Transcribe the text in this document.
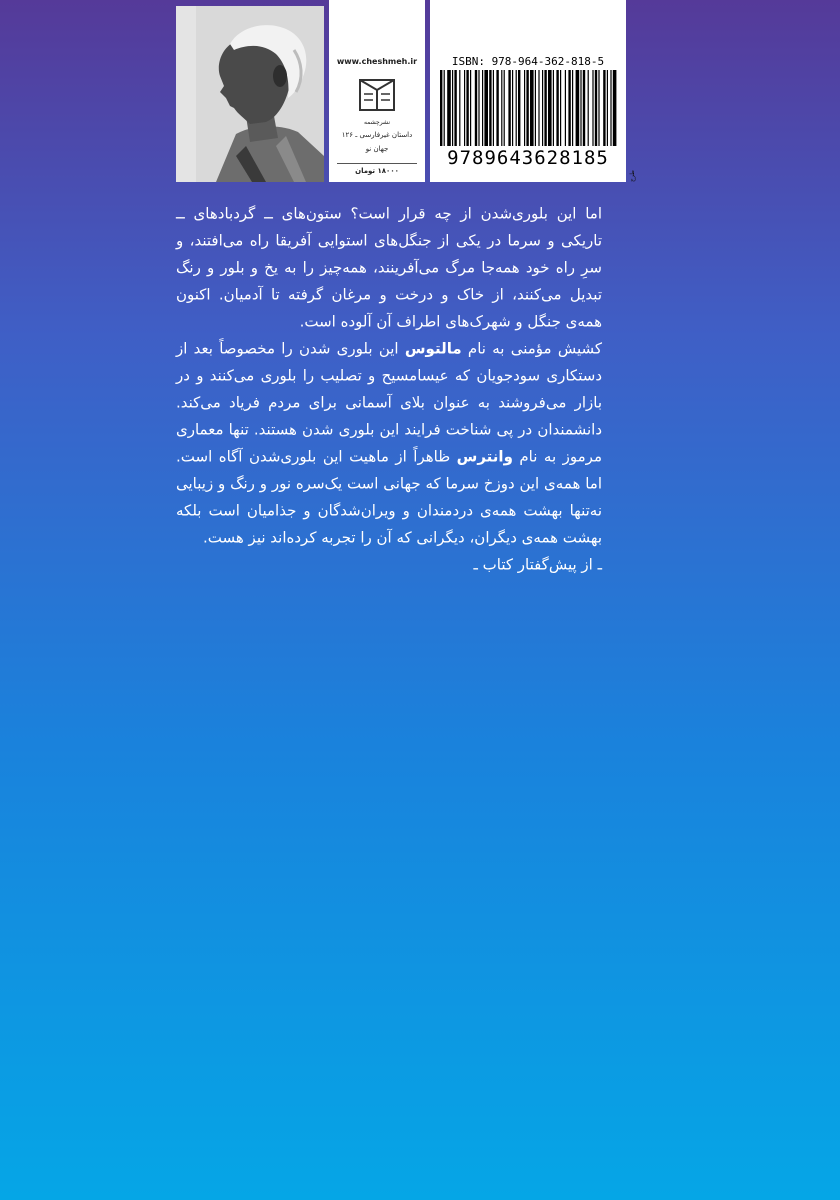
www.cheshmeh.ir
نشرچشمه
داستان غیرفارسی ـ ۱۲۶
جهان نو
۱۸۰۰۰ تومان
ISBN: 978-964-362-818-5
9789643628185
طرح

اما این بلوری‌شدن از چه قرار است؟ ستون‌های ــ گردبادهای ــ تاریکی و سرما در یکی از جنگل‌های استوایی آفریقا راه می‌افتند، و سرِ راه خود همه‌جا مرگ می‌آفرینند، همه‌چیز را به یخ و بلور و رنگ تبدیل می‌کنند، از خاک و درخت و مرغان گرفته تا آدمیان. اکنون همه‌ی جنگل و شهرک‌های اطراف آن آلوده است.

کشیش مؤمنی به نام مالتوس این بلوری شدن را مخصوصاً بعد از دستکاری سودجویان که عیسامسیح و تصلیب را بلوری می‌کنند و در بازار می‌فروشند به عنوان بلای آسمانی برای مردم فریاد می‌کند. دانشمندان در پی شناخت فرایند این بلوری شدن هستند. تنها معماری مرموز به نام وانترس ظاهراً از ماهیت این بلوری‌شدن آگاه است. اما همه‌ی این دوزخ سرما که جهانی است یک‌سره نور و رنگ و زیبایی نه‌تنها بهشت همه‌ی دردمندان و ویران‌شدگان و جذامیان است بلکه بهشت همه‌ی دیگران، دیگرانی که آن را تجربه کرده‌اند نیز هست.

ـ از پیش‌گفتار کتاب ـ
